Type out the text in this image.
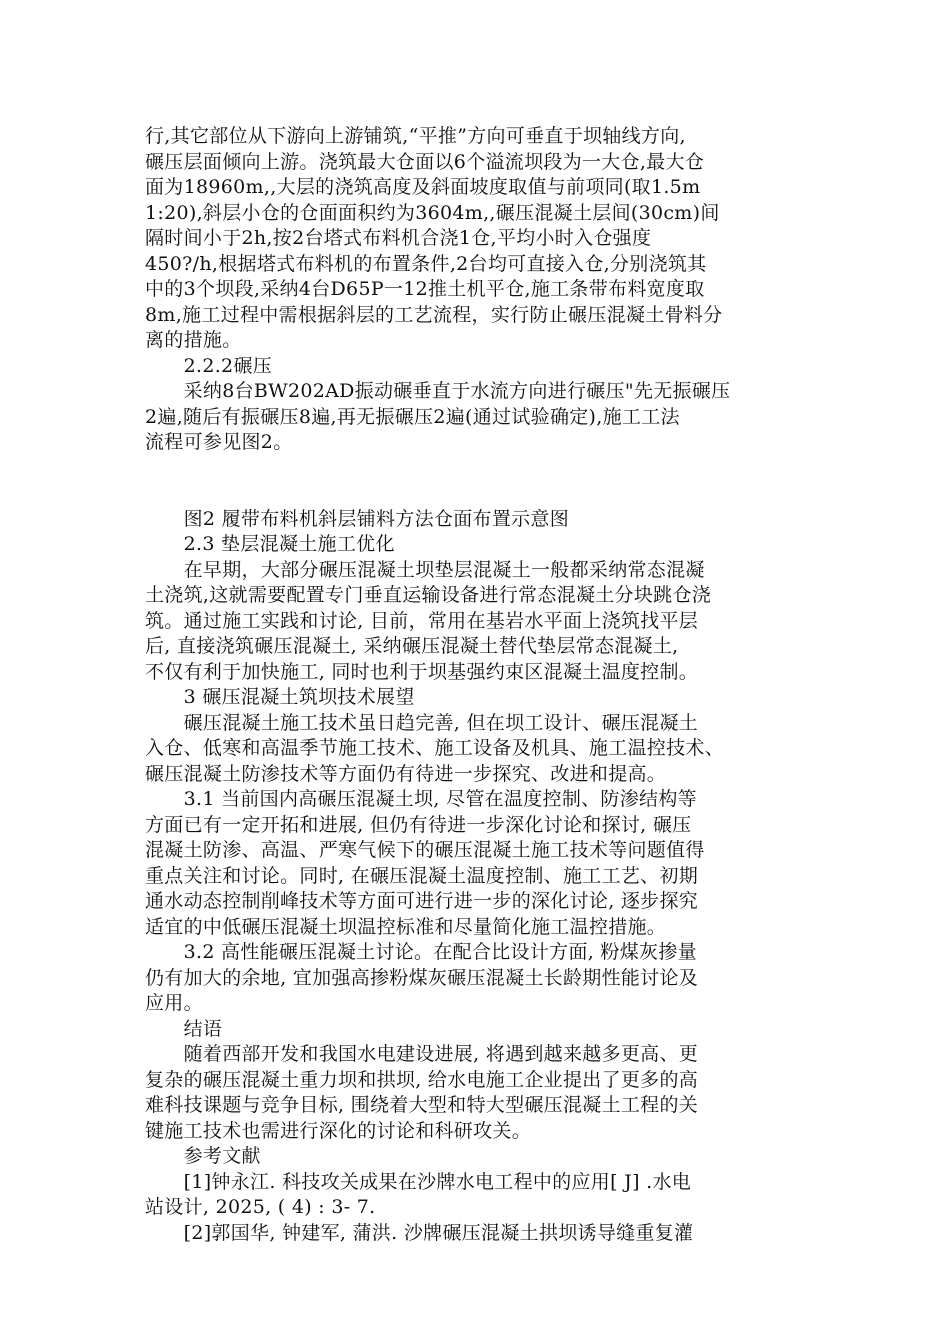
行,其它部位从下游向上游铺筑,“平推”方向可垂直于坝轴线方向,
碾压层面倾向上游。浇筑最大仓面以6个溢流坝段为一大仓,最大仓
面为18960m,,大层的浇筑高度及斜面坡度取值与前项同(取1.5m
1:20),斜层小仓的仓面面积约为3604m,,碾压混凝土层间(30cm)间
隔时间小于2h,按2台塔式布料机合浇1仓,平均小时入仓强度
450?/h,根据塔式布料机的布置条件,2台均可直接入仓,分别浇筑其
中的3个坝段,采纳4台D65P一12推土机平仓,施工条带布料宽度取
8m,施工过程中需根据斜层的工艺流程，实行防止碾压混凝土骨料分
离的措施。
　　2.2.2碾压
　　采纳8台BW202AD振动碾垂直于水流方向进行碾压"先无振碾压
2遍,随后有振碾压8遍,再无振碾压2遍(通过试验确定),施工工法
流程可参见图2。
　　图2 履带布料机斜层铺料方法仓面布置示意图
　　2.3 垫层混凝土施工优化
　　在早期，大部分碾压混凝土坝垫层混凝土一般都采纳常态混凝
土浇筑,这就需要配置专门垂直运输设备进行常态混凝土分块跳仓浇
筑。通过施工实践和讨论, 目前，常用在基岩水平面上浇筑找平层
后, 直接浇筑碾压混凝土, 采纳碾压混凝土替代垫层常态混凝土,
不仅有利于加快施工, 同时也利于坝基强约束区混凝土温度控制。
　　3 碾压混凝土筑坝技术展望
　　碾压混凝土施工技术虽日趋完善, 但在坝工设计、碾压混凝土
入仓、低寒和高温季节施工技术、施工设备及机具、施工温控技术、
碾压混凝土防渗技术等方面仍有待进一步探究、改进和提高。
　　3.1 当前国内高碾压混凝土坝, 尽管在温度控制、防渗结构等
方面已有一定开拓和进展, 但仍有待进一步深化讨论和探讨, 碾压
混凝土防渗、高温、严寒气候下的碾压混凝土施工技术等问题值得
重点关注和讨论。同时, 在碾压混凝土温度控制、施工工艺、初期
通水动态控制削峰技术等方面可进行进一步的深化讨论, 逐步探究
适宜的中低碾压混凝土坝温控标准和尽量简化施工温控措施。
　　3.2 高性能碾压混凝土讨论。在配合比设计方面, 粉煤灰掺量
仍有加大的余地, 宜加强高掺粉煤灰碾压混凝土长龄期性能讨论及
应用。
　　结语
　　随着西部开发和我国水电建设进展, 将遇到越来越多更高、更
复杂的碾压混凝土重力坝和拱坝, 给水电施工企业提出了更多的高
难科技课题与竞争目标, 围绕着大型和特大型碾压混凝土工程的关
键施工技术也需进行深化的讨论和科研攻关。
　　参考文献
　　[1]钟永江. 科技攻关成果在沙牌水电工程中的应用[ J] .水电
站设计, 2025, ( 4) : 3- 7.
　　[2]郭国华, 钟建军, 蒲洪. 沙牌碾压混凝土拱坝诱导缝重复灌
